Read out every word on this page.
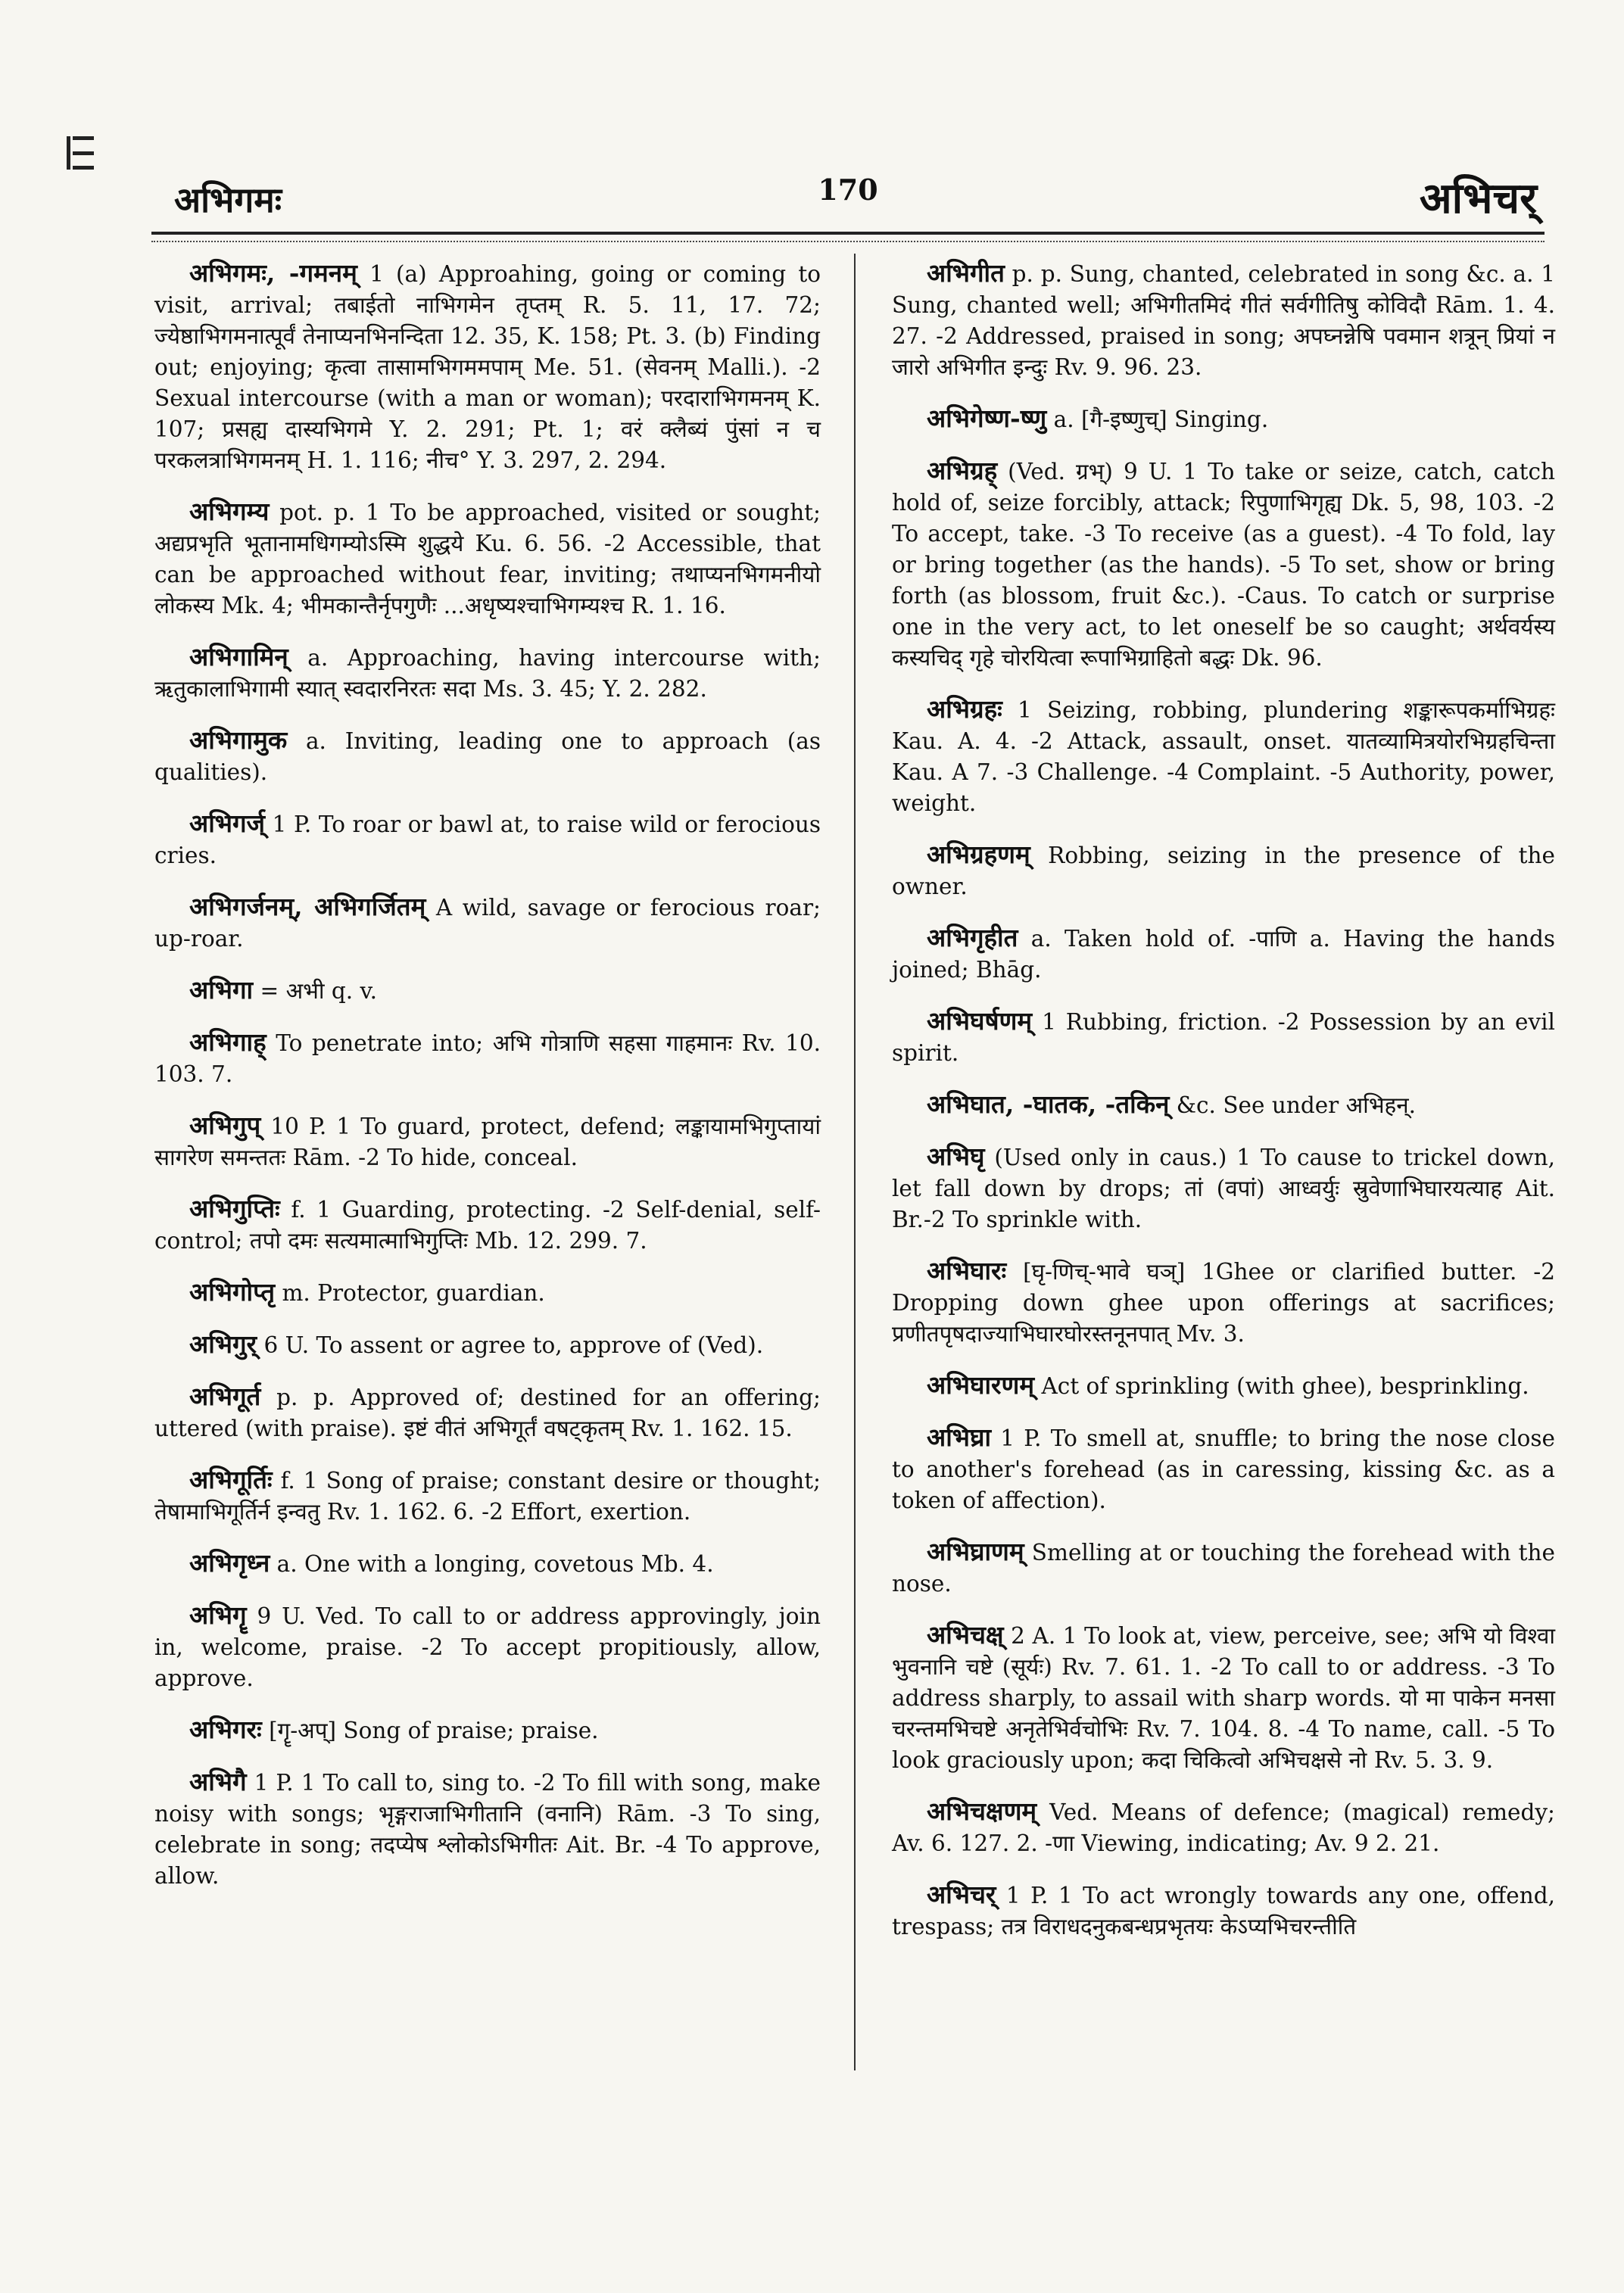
अभिगमः	170	अभिचर्

अभिगमः, -गमनम् 1 (a) Approahing, going or coming to visit, arrival; तबाईतो नाभिगमेन तृप्तम् R. 5. 11, 17. 72; ज्येष्ठाभिगमनात्पूर्वं तेनाप्यनभिनन्दिता 12. 35, K. 158; Pt. 3. (b) Finding out; enjoying; कृत्वा तासामभिगममपाम् Me. 51. (सेवनम् Malli.). -2 Sexual intercourse (with a man or woman); परदाराभिगमनम् K. 107; प्रसह्य दास्यभिगमे Y. 2. 291; Pt. 1; वरं क्लैब्यं पुंसां न च परकलत्राभिगमनम् H. 1. 116; नीच° Y. 3. 297, 2. 294.

अभिगम्य pot. p. 1 To be approached, visited or sought; अद्यप्रभृति भूतानामधिगम्योऽस्मि शुद्धये Ku. 6. 56. -2 Accessible, that can be approached without fear, inviting; तथाप्यनभिगमनीयो लोकस्य Mk. 4; भीमकान्तैर्नृपगुणैः ...अधृष्यश्चाभिगम्यश्च R. 1. 16.

अभिगामिन् a. Approaching, having intercourse with; ऋतुकालाभिगामी स्यात् स्वदारनिरतः सदा Ms. 3. 45; Y. 2. 282.

अभिगामुक a. Inviting, leading one to approach (as qualities).

अभिगर्ज् 1 P. To roar or bawl at, to raise wild or ferocious cries.

अभिगर्जनम्, अभिगर्जितम् A wild, savage or ferocious roar; up-roar.

अभिगा = अभी q. v.

अभिगाह् To penetrate into; अभि गोत्राणि सहसा गाहमानः Rv. 10. 103. 7.

अभिगुप् 10 P. 1 To guard, protect, defend; लङ्कायामभिगुप्तायां सागरेण समन्ततः Rām. -2 To hide, conceal.

अभिगुप्तिः f. 1 Guarding, protecting. -2 Self-denial, self-control; तपो दमः सत्यमात्माभिगुप्तिः Mb. 12. 299. 7.

अभिगोप्तृ m. Protector, guardian.

अभिगुर् 6 U. To assent or agree to, approve of (Ved).

अभिगूर्त p. p. Approved of; destined for an offering; uttered (with praise). इष्टं वीतं अभिगूर्तं वषट्कृतम् Rv. 1. 162. 15.

अभिगूर्तिः f. 1 Song of praise; constant desire or thought; तेषामाभिगूर्तिर्न इन्वतु Rv. 1. 162. 6. -2 Effort, exertion.

अभिगृध्न a. One with a longing, covetous Mb. 4.

अभिगॄ 9 U. Ved. To call to or address approvingly, join in, welcome, praise. -2 To accept propitiously, allow, approve.

अभिगरः [गॄ-अप्] Song of praise; praise.

अभिगै 1 P. 1 To call to, sing to. -2 To fill with song, make noisy with songs; भृङ्गराजाभिगीतानि (वनानि) Rām. -3 To sing, celebrate in song; तदप्येष श्लोकोऽभिगीतः Ait. Br. -4 To approve, allow.

अभिगीत p. p. Sung, chanted, celebrated in song &c. a. 1 Sung, chanted well; अभिगीतमिदं गीतं सर्वगीतिषु कोविदौ Rām. 1. 4. 27. -2 Addressed, praised in song; अपघ्नन्नेषि पवमान शत्रून् प्रियां न जारो अभिगीत इन्दुः Rv. 9. 96. 23.

अभिगेष्ण-ष्णु a. [गै-इष्णुच्] Singing.

अभिग्रह् (Ved. ग्रभ्) 9 U. 1 To take or seize, catch, catch hold of, seize forcibly, attack; रिपुणाभिगृह्य Dk. 5, 98, 103. -2 To accept, take. -3 To receive (as a guest). -4 To fold, lay or bring together (as the hands). -5 To set, show or bring forth (as blossom, fruit &c.). -Caus. To catch or surprise one in the very act, to let oneself be so caught; अर्थवर्यस्य कस्यचिद् गृहे चोरयित्वा रूपाभिग्राहितो बद्धः Dk. 96.

अभिग्रहः 1 Seizing, robbing, plundering शङ्कारूपकर्माभिग्रहः Kau. A. 4. -2 Attack, assault, onset. यातव्यामित्रयोरभिग्रहचिन्ता Kau. A 7. -3 Challenge. -4 Complaint. -5 Authority, power, weight.

अभिग्रहणम् Robbing, seizing in the presence of the owner.

अभिगृहीत a. Taken hold of. -पाणि a. Having the hands joined; Bhāg.

अभिघर्षणम् 1 Rubbing, friction. -2 Possession by an evil spirit.

अभिघात, -घातक, -तकिन् &c. See under अभिहन्.

अभिघृ (Used only in caus.) 1 To cause to trickel down, let fall down by drops; तां (वपां) आध्वर्युः स्रुवेणाभिघारयत्याह Ait. Br.-2 To sprinkle with.

अभिघारः [घृ-णिच्-भावे घञ्] 1Ghee or clarified butter. -2 Dropping down ghee upon offerings at sacrifices; प्रणीतपृषदाज्याभिघारघोरस्तनूनपात् Mv. 3.

अभिघारणम् Act of sprinkling (with ghee), besprinkling.

अभिघ्रा 1 P. To smell at, snuffle; to bring the nose close to another's forehead (as in caressing, kissing &c. as a token of affection).

अभिघ्राणम् Smelling at or touching the forehead with the nose.

अभिचक्ष् 2 A. 1 To look at, view, perceive, see; अभि यो विश्वा भुवनानि चष्टे (सूर्यः) Rv. 7. 61. 1. -2 To call to or address. -3 To address sharply, to assail with sharp words. यो मा पाकेन मनसा चरन्तमभिचष्टे अनृतेभिर्वचोभिः Rv. 7. 104. 8. -4 To name, call. -5 To look graciously upon; कदा चिकित्वो अभिचक्षसे नो Rv. 5. 3. 9.

अभिचक्षणम् Ved. Means of defence; (magical) remedy; Av. 6. 127. 2. -णा Viewing, indicating; Av. 9 2. 21.

अभिचर् 1 P. 1 To act wrongly towards any one, offend, trespass; तत्र विराधदनुकबन्धप्रभृतयः केऽप्यभिचरन्तीति
